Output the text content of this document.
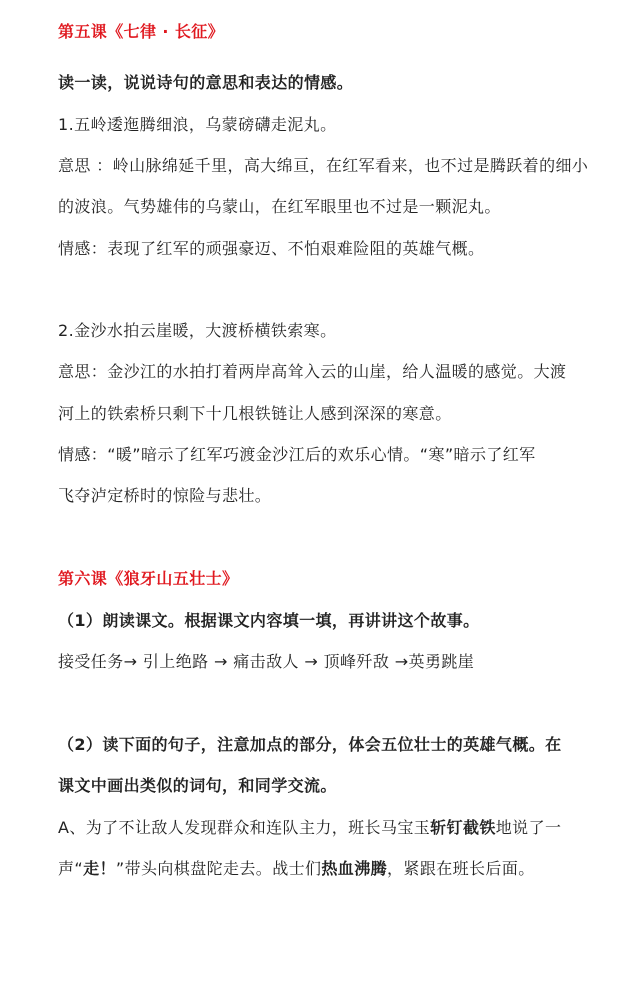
第五课《七律 · 长征》
读一读，说说诗句的意思和表达的情感。
1.五岭逶迤腾细浪，乌蒙磅礴走泥丸。
意思 ：岭山脉绵延千里，高大绵亘，在红军看来，也不过是腾跃着的细小
的波浪。气势雄伟的乌蒙山，在红军眼里也不过是一颗泥丸。
情感：表现了红军的顽强豪迈、不怕艰难险阻的英雄气概。
2.金沙水拍云崖暖，大渡桥横铁索寒。
意思：金沙江的水拍打着两岸高耸入云的山崖，给人温暖的感觉。大渡
河上的铁索桥只剩下十几根铁链让人感到深深的寒意。
情感：“暖”暗示了红军巧渡金沙江后的欢乐心情。“寒”暗示了红军
飞夺泸定桥时的惊险与悲壮。
第六课《狼牙山五壮士》
（1）朗读课文。根据课文内容填一填，再讲讲这个故事。
接受任务→ 引上绝路 → 痛击敌人 → 顶峰歼敌 →英勇跳崖
（2）读下面的句子，注意加点的部分，体会五位壮士的英雄气概。在
课文中画出类似的词句，和同学交流。
A、为了不让敌人发现群众和连队主力，班长马宝玉斩钉截铁地说了一
声“走！”带头向棋盘陀走去。战士们热血沸腾，紧跟在班长后面。
